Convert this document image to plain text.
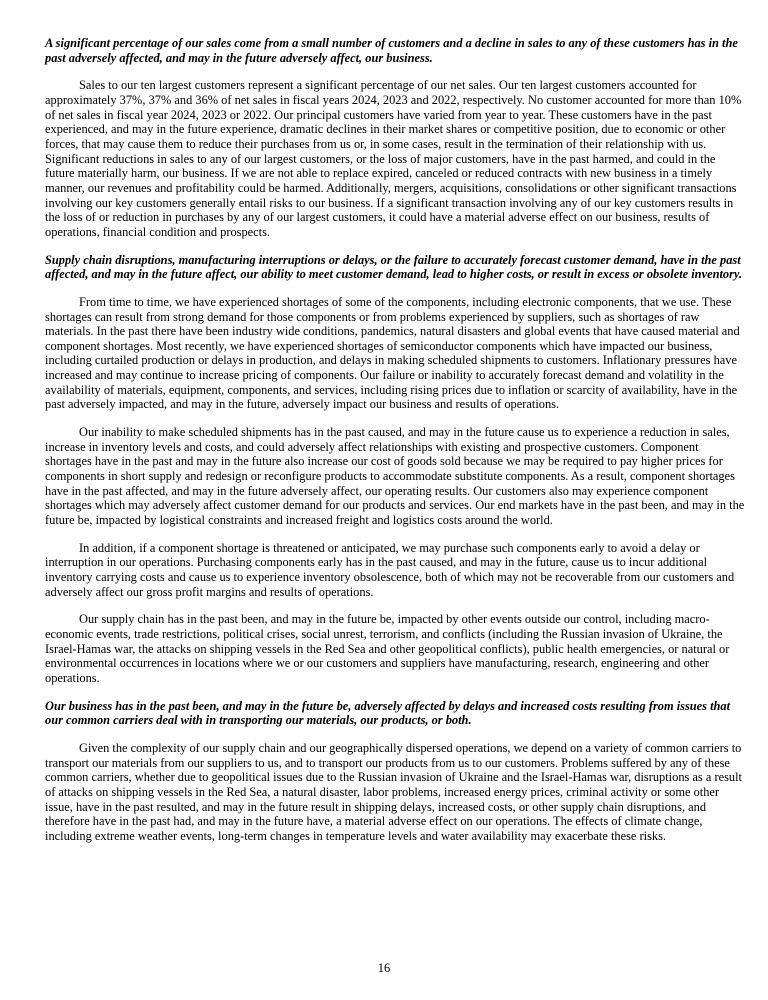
A significant percentage of our sales come from a small number of customers and a decline in sales to any of these customers has in the past adversely affected, and may in the future adversely affect, our business.

Sales to our ten largest customers represent a significant percentage of our net sales. Our ten largest customers accounted for approximately 37%, 37% and 36% of net sales in fiscal years 2024, 2023 and 2022, respectively. No customer accounted for more than 10% of net sales in fiscal year 2024, 2023 or 2022. Our principal customers have varied from year to year. These customers have in the past experienced, and may in the future experience, dramatic declines in their market shares or competitive position, due to economic or other forces, that may cause them to reduce their purchases from us or, in some cases, result in the termination of their relationship with us. Significant reductions in sales to any of our largest customers, or the loss of major customers, have in the past harmed, and could in the future materially harm, our business. If we are not able to replace expired, canceled or reduced contracts with new business in a timely manner, our revenues and profitability could be harmed. Additionally, mergers, acquisitions, consolidations or other significant transactions involving our key customers generally entail risks to our business. If a significant transaction involving any of our key customers results in the loss of or reduction in purchases by any of our largest customers, it could have a material adverse effect on our business, results of operations, financial condition and prospects.

Supply chain disruptions, manufacturing interruptions or delays, or the failure to accurately forecast customer demand, have in the past affected, and may in the future affect, our ability to meet customer demand, lead to higher costs, or result in excess or obsolete inventory.

From time to time, we have experienced shortages of some of the components, including electronic components, that we use. These shortages can result from strong demand for those components or from problems experienced by suppliers, such as shortages of raw materials. In the past there have been industry wide conditions, pandemics, natural disasters and global events that have caused material and component shortages. Most recently, we have experienced shortages of semiconductor components which have impacted our business, including curtailed production or delays in production, and delays in making scheduled shipments to customers. Inflationary pressures have increased and may continue to increase pricing of components. Our failure or inability to accurately forecast demand and volatility in the availability of materials, equipment, components, and services, including rising prices due to inflation or scarcity of availability, have in the past adversely impacted, and may in the future, adversely impact our business and results of operations.

Our inability to make scheduled shipments has in the past caused, and may in the future cause us to experience a reduction in sales, increase in inventory levels and costs, and could adversely affect relationships with existing and prospective customers. Component shortages have in the past and may in the future also increase our cost of goods sold because we may be required to pay higher prices for components in short supply and redesign or reconfigure products to accommodate substitute components. As a result, component shortages have in the past affected, and may in the future adversely affect, our operating results. Our customers also may experience component shortages which may adversely affect customer demand for our products and services. Our end markets have in the past been, and may in the future be, impacted by logistical constraints and increased freight and logistics costs around the world.

In addition, if a component shortage is threatened or anticipated, we may purchase such components early to avoid a delay or interruption in our operations. Purchasing components early has in the past caused, and may in the future, cause us to incur additional inventory carrying costs and cause us to experience inventory obsolescence, both of which may not be recoverable from our customers and adversely affect our gross profit margins and results of operations.

Our supply chain has in the past been, and may in the future be, impacted by other events outside our control, including macro-economic events, trade restrictions, political crises, social unrest, terrorism, and conflicts (including the Russian invasion of Ukraine, the Israel-Hamas war, the attacks on shipping vessels in the Red Sea and other geopolitical conflicts), public health emergencies, or natural or environmental occurrences in locations where we or our customers and suppliers have manufacturing, research, engineering and other operations.

Our business has in the past been, and may in the future be, adversely affected by delays and increased costs resulting from issues that our common carriers deal with in transporting our materials, our products, or both.

Given the complexity of our supply chain and our geographically dispersed operations, we depend on a variety of common carriers to transport our materials from our suppliers to us, and to transport our products from us to our customers. Problems suffered by any of these common carriers, whether due to geopolitical issues due to the Russian invasion of Ukraine and the Israel-Hamas war, disruptions as a result of attacks on shipping vessels in the Red Sea, a natural disaster, labor problems, increased energy prices, criminal activity or some other issue, have in the past resulted, and may in the future result in shipping delays, increased costs, or other supply chain disruptions, and therefore have in the past had, and may in the future have, a material adverse effect on our operations. The effects of climate change, including extreme weather events, long-term changes in temperature levels and water availability may exacerbate these risks.

16
